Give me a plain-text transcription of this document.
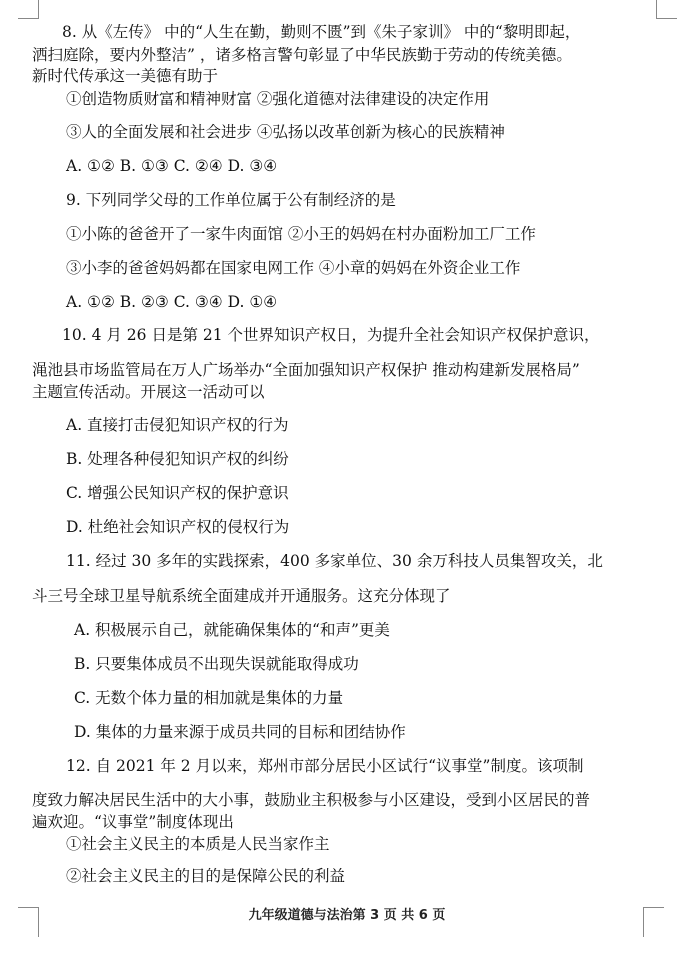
8. 从《左传》 中的“人生在勤，勤则不匮”到《朱子家训》 中的“黎明即起，
洒扫庭除，要内外整洁” ，诸多格言警句彰显了中华民族勤于劳动的传统美德。
新时代传承这一美德有助于
①创造物质财富和精神财富 ②强化道德对法律建设的决定作用
③人的全面发展和社会进步 ④弘扬以改革创新为核心的民族精神
A. ①② B. ①③ C. ②④ D. ③④
9. 下列同学父母的工作单位属于公有制经济的是
①小陈的爸爸开了一家牛肉面馆 ②小王的妈妈在村办面粉加工厂工作
③小李的爸爸妈妈都在国家电网工作 ④小章的妈妈在外资企业工作
A. ①② B. ②③ C. ③④ D. ①④
10. 4 月 26 日是第 21 个世界知识产权日，为提升全社会知识产权保护意识，
渑池县市场监管局在万人广场举办“全面加强知识产权保护 推动构建新发展格局”
主题宣传活动。开展这一活动可以
A. 直接打击侵犯知识产权的行为
B. 处理各种侵犯知识产权的纠纷
C. 增强公民知识产权的保护意识
D. 杜绝社会知识产权的侵权行为
11. 经过 30 多年的实践探索，400 多家单位、30 余万科技人员集智攻关，北
斗三号全球卫星导航系统全面建成并开通服务。这充分体现了
A. 积极展示自己，就能确保集体的“和声”更美
B. 只要集体成员不出现失误就能取得成功
C. 无数个体力量的相加就是集体的力量
D. 集体的力量来源于成员共同的目标和团结协作
12. 自 2021 年 2 月以来，郑州市部分居民小区试行“议事堂”制度。该项制
度致力解决居民生活中的大小事，鼓励业主积极参与小区建设，受到小区居民的普
遍欢迎。“议事堂”制度体现出
①社会主义民主的本质是人民当家作主
②社会主义民主的目的是保障公民的利益
九年级道德与法治第 3 页 共 6 页
